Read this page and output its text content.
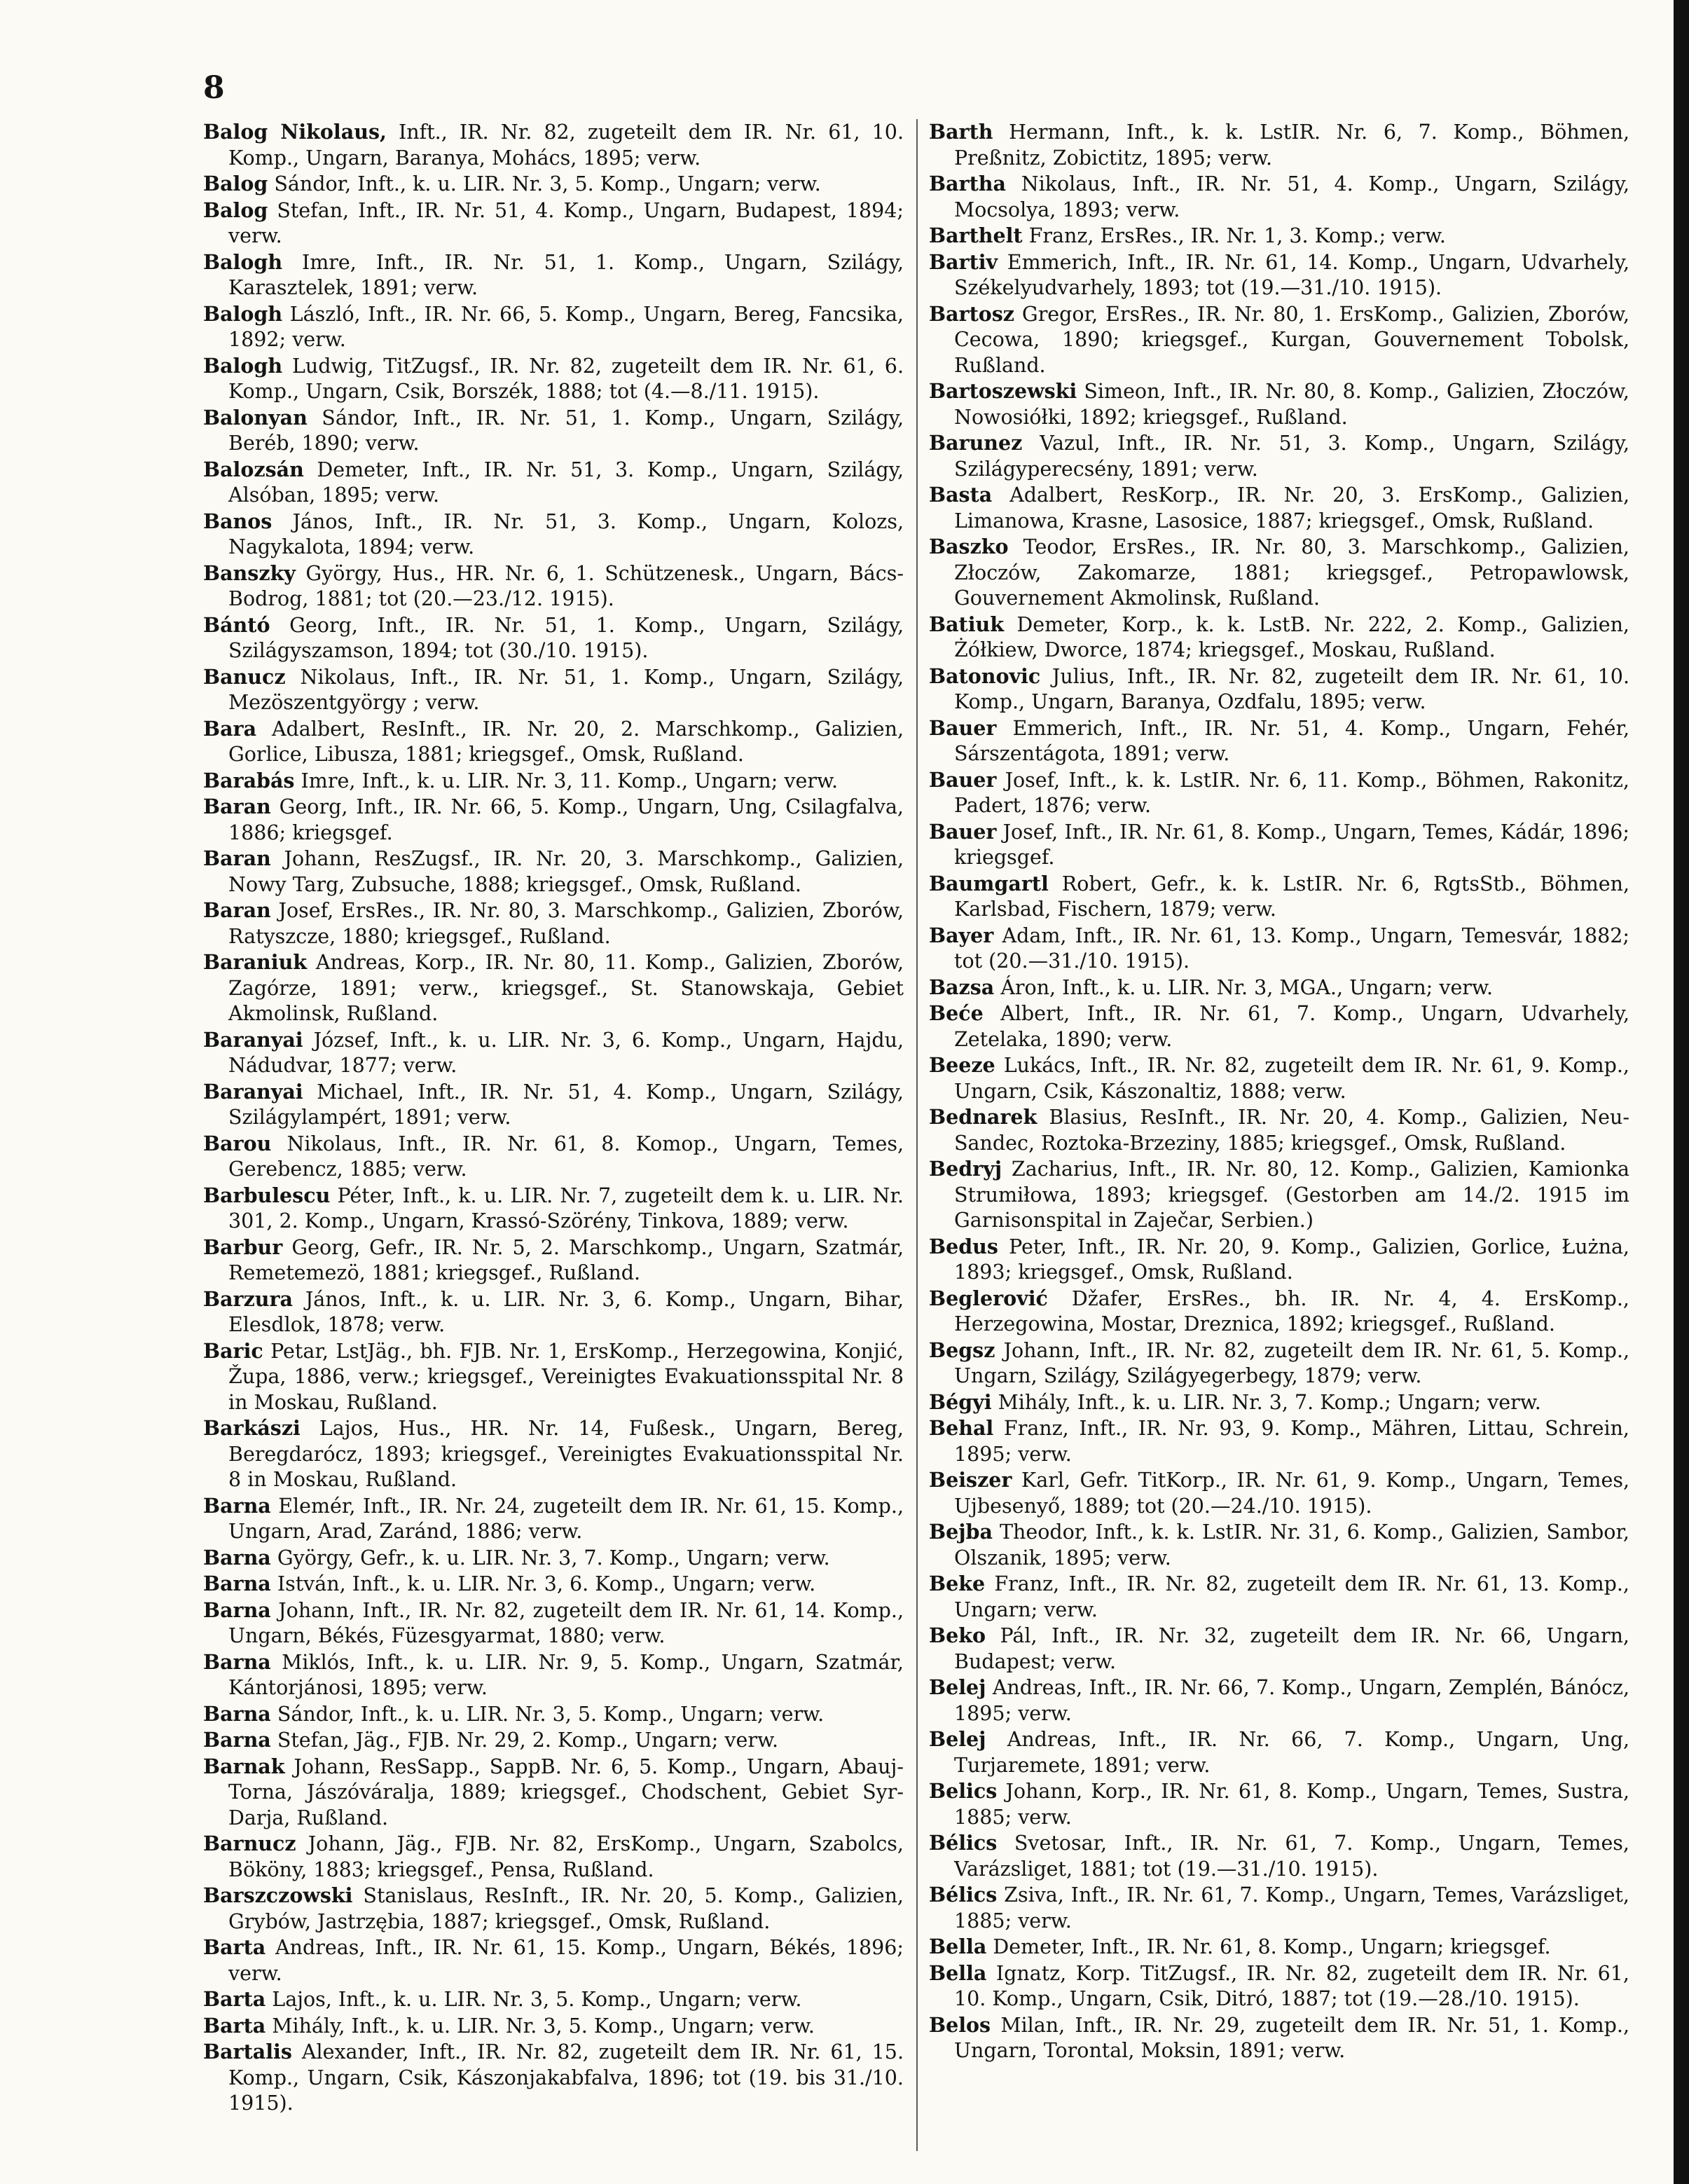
8

Balog Nikolaus, Inft., IR. Nr. 82, zugeteilt dem IR. Nr. 61, 10. Komp., Ungarn, Baranya, Mohács, 1895; verw.

Balog Sándor, Inft., k. u. LIR. Nr. 3, 5. Komp., Ungarn; verw.

Balog Stefan, Inft., IR. Nr. 51, 4. Komp., Ungarn, Budapest, 1894; verw.

Balogh Imre, Inft., IR. Nr. 51, 1. Komp., Ungarn, Szilágy, Karasztelek, 1891; verw.

Balogh László, Inft., IR. Nr. 66, 5. Komp., Ungarn, Bereg, Fancsika, 1892; verw.

Balogh Ludwig, TitZugsf., IR. Nr. 82, zugeteilt dem IR. Nr. 61, 6. Komp., Ungarn, Csik, Borszék, 1888; tot (4.—8./11. 1915).

Balonyan Sándor, Inft., IR. Nr. 51, 1. Komp., Ungarn, Szilágy, Beréb, 1890; verw.

Balozsán Demeter, Inft., IR. Nr. 51, 3. Komp., Ungarn, Szilágy, Alsóban, 1895; verw.

Banos János, Inft., IR. Nr. 51, 3. Komp., Ungarn, Kolozs, Nagykalota, 1894; verw.

Banszky György, Hus., HR. Nr. 6, 1. Schützenesk., Ungarn, Bács-Bodrog, 1881; tot (20.—23./12. 1915).

Bántó Georg, Inft., IR. Nr. 51, 1. Komp., Ungarn, Szilágy, Szilágyszamson, 1894; tot (30./10. 1915).

Banucz Nikolaus, Inft., IR. Nr. 51, 1. Komp., Ungarn, Szilágy, Mezöszentgyörgy ; verw.

Bara Adalbert, ResInft., IR. Nr. 20, 2. Marschkomp., Galizien, Gorlice, Libusza, 1881; kriegsgef., Omsk, Rußland.

Barabás Imre, Inft., k. u. LIR. Nr. 3, 11. Komp., Ungarn; verw.

Baran Georg, Inft., IR. Nr. 66, 5. Komp., Ungarn, Ung, Csilagfalva, 1886; kriegsgef.

Baran Johann, ResZugsf., IR. Nr. 20, 3. Marschkomp., Galizien, Nowy Targ, Zubsuche, 1888; kriegsgef., Omsk, Rußland.

Baran Josef, ErsRes., IR. Nr. 80, 3. Marschkomp., Galizien, Zborów, Ratyszcze, 1880; kriegsgef., Rußland.

Baraniuk Andreas, Korp., IR. Nr. 80, 11. Komp., Galizien, Zborów, Zagórze, 1891; verw., kriegsgef., St. Stanowskaja, Gebiet Akmolinsk, Rußland.

Baranyai József, Inft., k. u. LIR. Nr. 3, 6. Komp., Ungarn, Hajdu, Nádudvar, 1877; verw.

Baranyai Michael, Inft., IR. Nr. 51, 4. Komp., Ungarn, Szilágy, Szilágylampért, 1891; verw.

Barou Nikolaus, Inft., IR. Nr. 61, 8. Komop., Ungarn, Temes, Gerebencz, 1885; verw.

Barbulescu Péter, Inft., k. u. LIR. Nr. 7, zugeteilt dem k. u. LIR. Nr. 301, 2. Komp., Ungarn, Krassó-Szörény, Tinkova, 1889; verw.

Barbur Georg, Gefr., IR. Nr. 5, 2. Marschkomp., Ungarn, Szatmár, Remetemezö, 1881; kriegsgef., Rußland.

Barzura János, Inft., k. u. LIR. Nr. 3, 6. Komp., Ungarn, Bihar, Elesdlok, 1878; verw.

Baric Petar, LstJäg., bh. FJB. Nr. 1, ErsKomp., Herzegowina, Konjić, Župa, 1886, verw.; kriegsgef., Vereinigtes Evakuationsspital Nr. 8 in Moskau, Rußland.

Barkászi Lajos, Hus., HR. Nr. 14, Fußesk., Ungarn, Bereg, Beregdarócz, 1893; kriegsgef., Vereinigtes Evakuationsspital Nr. 8 in Moskau, Rußland.

Barna Elemér, Inft., IR. Nr. 24, zugeteilt dem IR. Nr. 61, 15. Komp., Ungarn, Arad, Zaránd, 1886; verw.

Barna György, Gefr., k. u. LIR. Nr. 3, 7. Komp., Ungarn; verw.

Barna István, Inft., k. u. LIR. Nr. 3, 6. Komp., Ungarn; verw.

Barna Johann, Inft., IR. Nr. 82, zugeteilt dem IR. Nr. 61, 14. Komp., Ungarn, Békés, Füzesgyarmat, 1880; verw.

Barna Miklós, Inft., k. u. LIR. Nr. 9, 5. Komp., Ungarn, Szatmár, Kántorjánosi, 1895; verw.

Barna Sándor, Inft., k. u. LIR. Nr. 3, 5. Komp., Ungarn; verw.

Barna Stefan, Jäg., FJB. Nr. 29, 2. Komp., Ungarn; verw.

Barnak Johann, ResSapp., SappB. Nr. 6, 5. Komp., Ungarn, Abauj-Torna, Jászóváralja, 1889; kriegsgef., Chodschent, Gebiet Syr-Darja, Rußland.

Barnucz Johann, Jäg., FJB. Nr. 82, ErsKomp., Ungarn, Szabolcs, Bököny, 1883; kriegsgef., Pensa, Rußland.

Barszczowski Stanislaus, ResInft., IR. Nr. 20, 5. Komp., Galizien, Grybów, Jastrzębia, 1887; kriegsgef., Omsk, Rußland.

Barta Andreas, Inft., IR. Nr. 61, 15. Komp., Ungarn, Békés, 1896; verw.

Barta Lajos, Inft., k. u. LIR. Nr. 3, 5. Komp., Ungarn; verw.

Barta Mihály, Inft., k. u. LIR. Nr. 3, 5. Komp., Ungarn; verw.

Bartalis Alexander, Inft., IR. Nr. 82, zugeteilt dem IR. Nr. 61, 15. Komp., Ungarn, Csik, Kászonjakabfalva, 1896; tot (19. bis 31./10. 1915).

Barth Hermann, Inft., k. k. LstIR. Nr. 6, 7. Komp., Böhmen, Preßnitz, Zobictitz, 1895; verw.

Bartha Nikolaus, Inft., IR. Nr. 51, 4. Komp., Ungarn, Szilágy, Mocsolya, 1893; verw.

Barthelt Franz, ErsRes., IR. Nr. 1, 3. Komp.; verw.

Bartiv Emmerich, Inft., IR. Nr. 61, 14. Komp., Ungarn, Udvarhely, Székelyudvarhely, 1893; tot (19.—31./10. 1915).

Bartosz Gregor, ErsRes., IR. Nr. 80, 1. ErsKomp., Galizien, Zborów, Cecowa, 1890; kriegsgef., Kurgan, Gouvernement Tobolsk, Rußland.

Bartoszewski Simeon, Inft., IR. Nr. 80, 8. Komp., Galizien, Złoczów, Nowosiółki, 1892; kriegsgef., Rußland.

Barunez Vazul, Inft., IR. Nr. 51, 3. Komp., Ungarn, Szilágy, Szilágyperecsény, 1891; verw.

Basta Adalbert, ResKorp., IR. Nr. 20, 3. ErsKomp., Galizien, Limanowa, Krasne, Lasosice, 1887; kriegsgef., Omsk, Rußland.

Baszko Teodor, ErsRes., IR. Nr. 80, 3. Marschkomp., Galizien, Złoczów, Zakomarze, 1881; kriegsgef., Petropawlowsk, Gouvernement Akmolinsk, Rußland.

Batiuk Demeter, Korp., k. k. LstB. Nr. 222, 2. Komp., Galizien, Żółkiew, Dworce, 1874; kriegsgef., Moskau, Rußland.

Batonovic Julius, Inft., IR. Nr. 82, zugeteilt dem IR. Nr. 61, 10. Komp., Ungarn, Baranya, Ozdfalu, 1895; verw.

Bauer Emmerich, Inft., IR. Nr. 51, 4. Komp., Ungarn, Fehér, Sárszentágota, 1891; verw.

Bauer Josef, Inft., k. k. LstIR. Nr. 6, 11. Komp., Böhmen, Rakonitz, Padert, 1876; verw.

Bauer Josef, Inft., IR. Nr. 61, 8. Komp., Ungarn, Temes, Kádár, 1896; kriegsgef.

Baumgartl Robert, Gefr., k. k. LstIR. Nr. 6, RgtsStb., Böhmen, Karlsbad, Fischern, 1879; verw.

Bayer Adam, Inft., IR. Nr. 61, 13. Komp., Ungarn, Temesvár, 1882; tot (20.—31./10. 1915).

Bazsa Áron, Inft., k. u. LIR. Nr. 3, MGA., Ungarn; verw.

Beće Albert, Inft., IR. Nr. 61, 7. Komp., Ungarn, Udvarhely, Zetelaka, 1890; verw.

Beeze Lukács, Inft., IR. Nr. 82, zugeteilt dem IR. Nr. 61, 9. Komp., Ungarn, Csik, Kászonaltiz, 1888; verw.

Bednarek Blasius, ResInft., IR. Nr. 20, 4. Komp., Galizien, Neu-Sandec, Roztoka-Brzeziny, 1885; kriegsgef., Omsk, Rußland.

Bedryj Zacharius, Inft., IR. Nr. 80, 12. Komp., Galizien, Kamionka Strumiłowa, 1893; kriegsgef. (Gestorben am 14./2. 1915 im Garnisonspital in Zaječar, Serbien.)

Bedus Peter, Inft., IR. Nr. 20, 9. Komp., Galizien, Gorlice, Łużna, 1893; kriegsgef., Omsk, Rußland.

Beglerović Džafer, ErsRes., bh. IR. Nr. 4, 4. ErsKomp., Herzegowina, Mostar, Dreznica, 1892; kriegsgef., Rußland.

Begsz Johann, Inft., IR. Nr. 82, zugeteilt dem IR. Nr. 61, 5. Komp., Ungarn, Szilágy, Szilágyegerbegy, 1879; verw.

Bégyi Mihály, Inft., k. u. LIR. Nr. 3, 7. Komp.; Ungarn; verw.

Behal Franz, Inft., IR. Nr. 93, 9. Komp., Mähren, Littau, Schrein, 1895; verw.

Beiszer Karl, Gefr. TitKorp., IR. Nr. 61, 9. Komp., Ungarn, Temes, Ujbesenyő, 1889; tot (20.—24./10. 1915).

Bejba Theodor, Inft., k. k. LstIR. Nr. 31, 6. Komp., Galizien, Sambor, Olszanik, 1895; verw.

Beke Franz, Inft., IR. Nr. 82, zugeteilt dem IR. Nr. 61, 13. Komp., Ungarn; verw.

Beko Pál, Inft., IR. Nr. 32, zugeteilt dem IR. Nr. 66, Ungarn, Budapest; verw.

Belej Andreas, Inft., IR. Nr. 66, 7. Komp., Ungarn, Zemplén, Bánócz, 1895; verw.

Belej Andreas, Inft., IR. Nr. 66, 7. Komp., Ungarn, Ung, Turjaremete, 1891; verw.

Belics Johann, Korp., IR. Nr. 61, 8. Komp., Ungarn, Temes, Sustra, 1885; verw.

Bélics Svetosar, Inft., IR. Nr. 61, 7. Komp., Ungarn, Temes, Varázsliget, 1881; tot (19.—31./10. 1915).

Bélics Zsiva, Inft., IR. Nr. 61, 7. Komp., Ungarn, Temes, Varázsliget, 1885; verw.

Bella Demeter, Inft., IR. Nr. 61, 8. Komp., Ungarn; kriegsgef.

Bella Ignatz, Korp. TitZugsf., IR. Nr. 82, zugeteilt dem IR. Nr. 61, 10. Komp., Ungarn, Csik, Ditró, 1887; tot (19.—28./10. 1915).

Belos Milan, Inft., IR. Nr. 29, zugeteilt dem IR. Nr. 51, 1. Komp., Ungarn, Torontal, Moksin, 1891; verw.
